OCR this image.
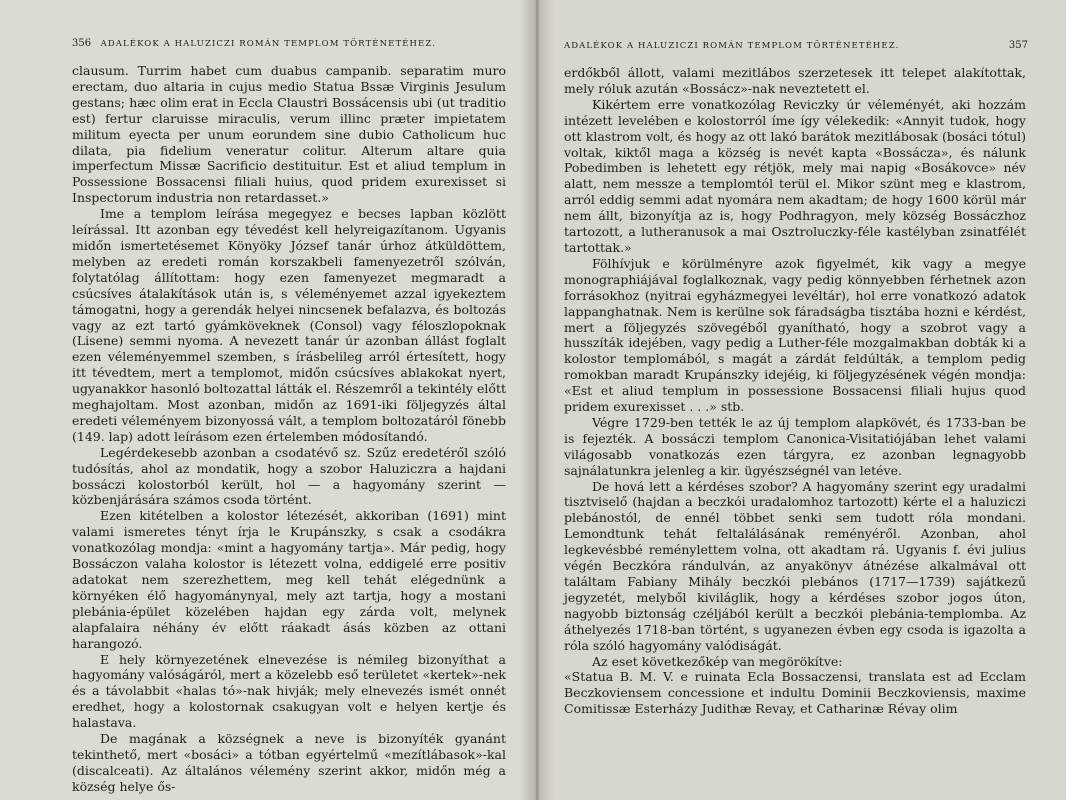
356 ADALÉKOK A HALUZICZI ROMÁN TEMPLOM TÖRTÉNETÉHEZ.

clausum. Turrim habet cum duabus campanib. separatim muro erectam, duo altaria in cujus medio Statua Bssæ Virginis Jesulum gestans; hæc olim erat in Eccla Claustri Bossácensis ubi (ut traditio est) fertur claruisse miraculis, verum illinc præter impietatem militum eyecta per unum eorundem sine dubio Catholicum huc dilata, pia fidelium veneratur colitur. Alterum altare quia imperfectum Missæ Sacrificio destituitur. Est et aliud templum in Possessione Bossacensi filiali huius, quod pridem exurexisset si Inspectorum industria non retardasset.»

Ime a templom leírása megegyez e becses lapban közlött leírással. Itt azonban egy tévedést kell helyreigazítanom. Ugyanis midőn ismertetésemet Könyöky József tanár úrhoz átküldöttem, melyben az eredeti román korszakbeli famenyezetről szólván, folytatólag állítottam: hogy ezen famenyezet megmaradt a csúcsíves átalakítások után is, s véleményemet azzal igyekeztem támogatni, hogy a gerendák helyei nincsenek befalazva, és boltozás vagy az ezt tartó gyámköveknek (Consol) vagy féloszlopoknak (Lisene) semmi nyoma. A nevezett tanár úr azonban állást foglalt ezen véleményemmel szemben, s írásbelileg arról értesített, hogy itt tévedtem, mert a templomot, midőn csúcsíves ablakokat nyert, ugyanakkor hasonló boltozattal látták el. Részemről a tekintély előtt meghajoltam. Most azonban, midőn az 1691-iki följegyzés által eredeti véleményem bizonyossá vált, a templom boltozatáról fönebb (149. lap) adott leírásom ezen értelemben módosítandó.

Legérdekesebb azonban a csodatévő sz. Szűz eredetéről szóló tudósítás, ahol az mondatik, hogy a szobor Haluziczra a hajdani bossáczi kolostorból került, hol — a hagyomány szerint — közbenjárására számos csoda történt.

Ezen kitételben a kolostor létezését, akkoriban (1691) mint valami ismeretes tényt írja le Krupánszky, s csak a csodákra vonatkozólag mondja: «mint a hagyomány tartja». Már pedig, hogy Bossáczon valaha kolostor is létezett volna, eddigelé erre positiv adatokat nem szerezhettem, meg kell tehát elégednünk a környéken élő hagyománynyal, mely azt tartja, hogy a mostani plebánia-épület közelében hajdan egy zárda volt, melynek alapfalaira néhány év előtt ráakadt ásás közben az ottani harangozó.

E hely környezetének elnevezése is némileg bizonyíthat a hagyomány valóságáról, mert a közelebb eső területet «kertek»-nek és a távolabbit «halas tó»-nak hivják; mely elnevezés ismét onnét eredhet, hogy a kolostornak csakugyan volt e helyen kertje és halastava.

De magának a községnek a neve is bizonyíték gyanánt tekinthető, mert «bosáci» a tótban egyértelmű «mezítlábasok»-kal (discalceati). Az általános vélemény szerint akkor, midőn még a község helye ős-

ADALÉKOK A HALUZICZI ROMÁN TEMPLOM TÖRTÉNETÉHEZ.	357

erdőkből állott, valami mezitlábos szerzetesek itt telepet alakítottak, mely róluk azután «Bossácz»-nak neveztetett el.

Kikértem erre vonatkozólag Reviczky úr véleményét, aki hozzám intézett levelében e kolostorról íme így vélekedik: «Annyit tudok, hogy ott klastrom volt, és hogy az ott lakó barátok mezitlábosak (bosáci tótul) voltak, kiktől maga a község is nevét kapta «Bossácza», és nálunk Pobedimben is lehetett egy rétjök, mely mai napig «Bosákovce» név alatt, nem messze a templomtól terül el. Mikor szünt meg e klastrom, arról eddig semmi adat nyomára nem akadtam; de hogy 1600 körül már nem állt, bizonyítja az is, hogy Podhragyon, mely község Bossáczhoz tartozott, a lutheranusok a mai Osztroluczky-féle kastélyban zsinatfélét tartottak.»

Fölhívjuk e körülményre azok figyelmét, kik vagy a megye monographiájával foglalkoznak, vagy pedig könnyebben férhetnek azon forrásokhoz (nyitrai egyházmegyei levéltár), hol erre vonatkozó adatok lappanghatnak. Nem is kerülne sok fáradságba tisztába hozni e kérdést, mert a följegyzés szövegéből gyanítható, hogy a szobrot vagy a husszíták idejében, vagy pedig a Luther-féle mozgalmakban dobták ki a kolostor templomából, s magát a zárdát feldúlták, a templom pedig romokban maradt Krupánszky idejéig, ki följegyzésének végén mondja: «Est et aliud templum in possessione Bossacensi filiali hujus quod pridem exurexisset . . .» stb.

Végre 1729-ben tették le az új templom alapkövét, és 1733-ban be is fejezték. A bossáczi templom Canonica-Visitatiójában lehet valami világosabb vonatkozás ezen tárgyra, ez azonban legnagyobb sajnálatunkra jelenleg a kir. ügyészségnél van letéve.

De hová lett a kérdéses szobor? A hagyomány szerint egy uradalmi tisztviselő (hajdan a beczkói uradalomhoz tartozott) kérte el a haluziczi plebánostól, de ennél többet senki sem tudott róla mondani. Lemondtunk tehát feltalálásának reményéről. Azonban, ahol legkevésbbé reménylettem volna, ott akadtam rá. Ugyanis f. évi julius végén Beczkóra rándulván, az anyakönyv átnézése alkalmával ott találtam Fabiany Mihály beczkói plebános (1717—1739) sajátkezű jegyzetét, melyből kiviláglik, hogy a kérdéses szobor jogos úton, nagyobb biztonság czéljából került a beczkói plebánia-templomba. Az áthelyezés 1718-ban történt, s ugyanezen évben egy csoda is igazolta a róla szóló hagyomány valódiságát.

Az eset következőkép van megörökítve:

«Statua B. M. V. e ruinata Ecla Bossaczensi, translata est ad Ecclam Beczkoviensem concessione et indultu Dominii Beczkoviensis, maxime Comitissæ Esterházy Judithæ Revay, et Catharinæ Révay olim
